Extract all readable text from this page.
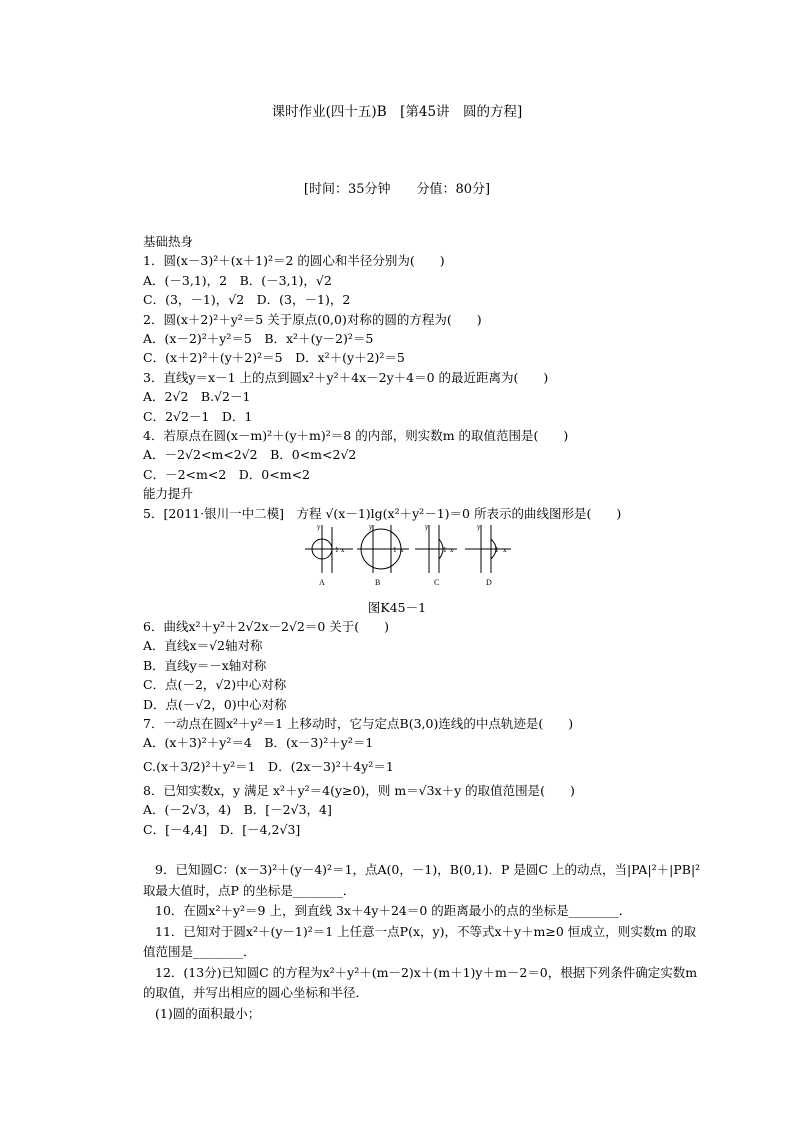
课时作业(四十五)B　[第45讲　圆的方程]
[时间：35分钟　　分值：80分]
基础热身
1．圆(x－3)²＋(x＋1)²＝2 的圆心和半径分别为(　　)
A．(－3,1)，2　B．(－3,1)，√2
C．(3，－1)，√2　D．(3，－1)，2
2．圆(x＋2)²＋y²＝5 关于原点(0,0)对称的圆的方程为(　　)
A．(x－2)²＋y²＝5　B．x²＋(y－2)²＝5
C．(x＋2)²＋(y＋2)²＝5　D．x²＋(y＋2)²＝5
3．直线y＝x－1 上的点到圆x²＋y²＋4x－2y＋4＝0 的最近距离为(　　)
A．2√2　B.√2－1
C．2√2－1　D．1
4．若原点在圆(x－m)²＋(y＋m)²＝8 的内部，则实数m 的取值范围是(　　)
A．－2√2<m<2√2　B．0<m<2√2
C．－2<m<2　D．0<m<2
能力提升
5．[2011·银川一中二模]　方程 √(x－1)lg(x²＋y²－1)＝0 所表示的曲线图形是(　　)
y
1 x
A
y
1 x
B
y
1 x
C
y
1 x
D
图K45－1
6．曲线x²＋y²＋2√2x－2√2＝0 关于(　　)
A．直线x＝√2轴对称
B．直线y＝－x轴对称
C．点(－2，√2)中心对称
D．点(－√2，0)中心对称
7．一动点在圆x²＋y²＝1 上移动时，它与定点B(3,0)连线的中点轨迹是(　　)
A．(x＋3)²＋y²＝4　B．(x－3)²＋y²＝1
C.(x＋3/2)²＋y²＝1　D．(2x－3)²＋4y²＝1
8．已知实数x，y 满足 x²＋y²＝4(y≥0)，则 m＝√3x＋y 的取值范围是(　　)
A．(－2√3，4)　B．[－2√3，4]
C．[－4,4]　D．[－4,2√3]
9．已知圆C：(x－3)²＋(y－4)²＝1，点A(0，－1)，B(0,1)．P 是圆C 上的动点，当|PA|²＋|PB|²取最大值时，点P 的坐标是________．
10．在圆x²＋y²＝9 上，到直线 3x＋4y＋24＝0 的距离最小的点的坐标是________．
11．已知对于圆x²＋(y－1)²＝1 上任意一点P(x，y)，不等式x＋y＋m≥0 恒成立，则实数m 的取值范围是________．
12．(13分)已知圆C 的方程为x²＋y²＋(m－2)x＋(m＋1)y＋m－2＝0，根据下列条件确定实数m 的取值，并写出相应的圆心坐标和半径．
(1)圆的面积最小；
